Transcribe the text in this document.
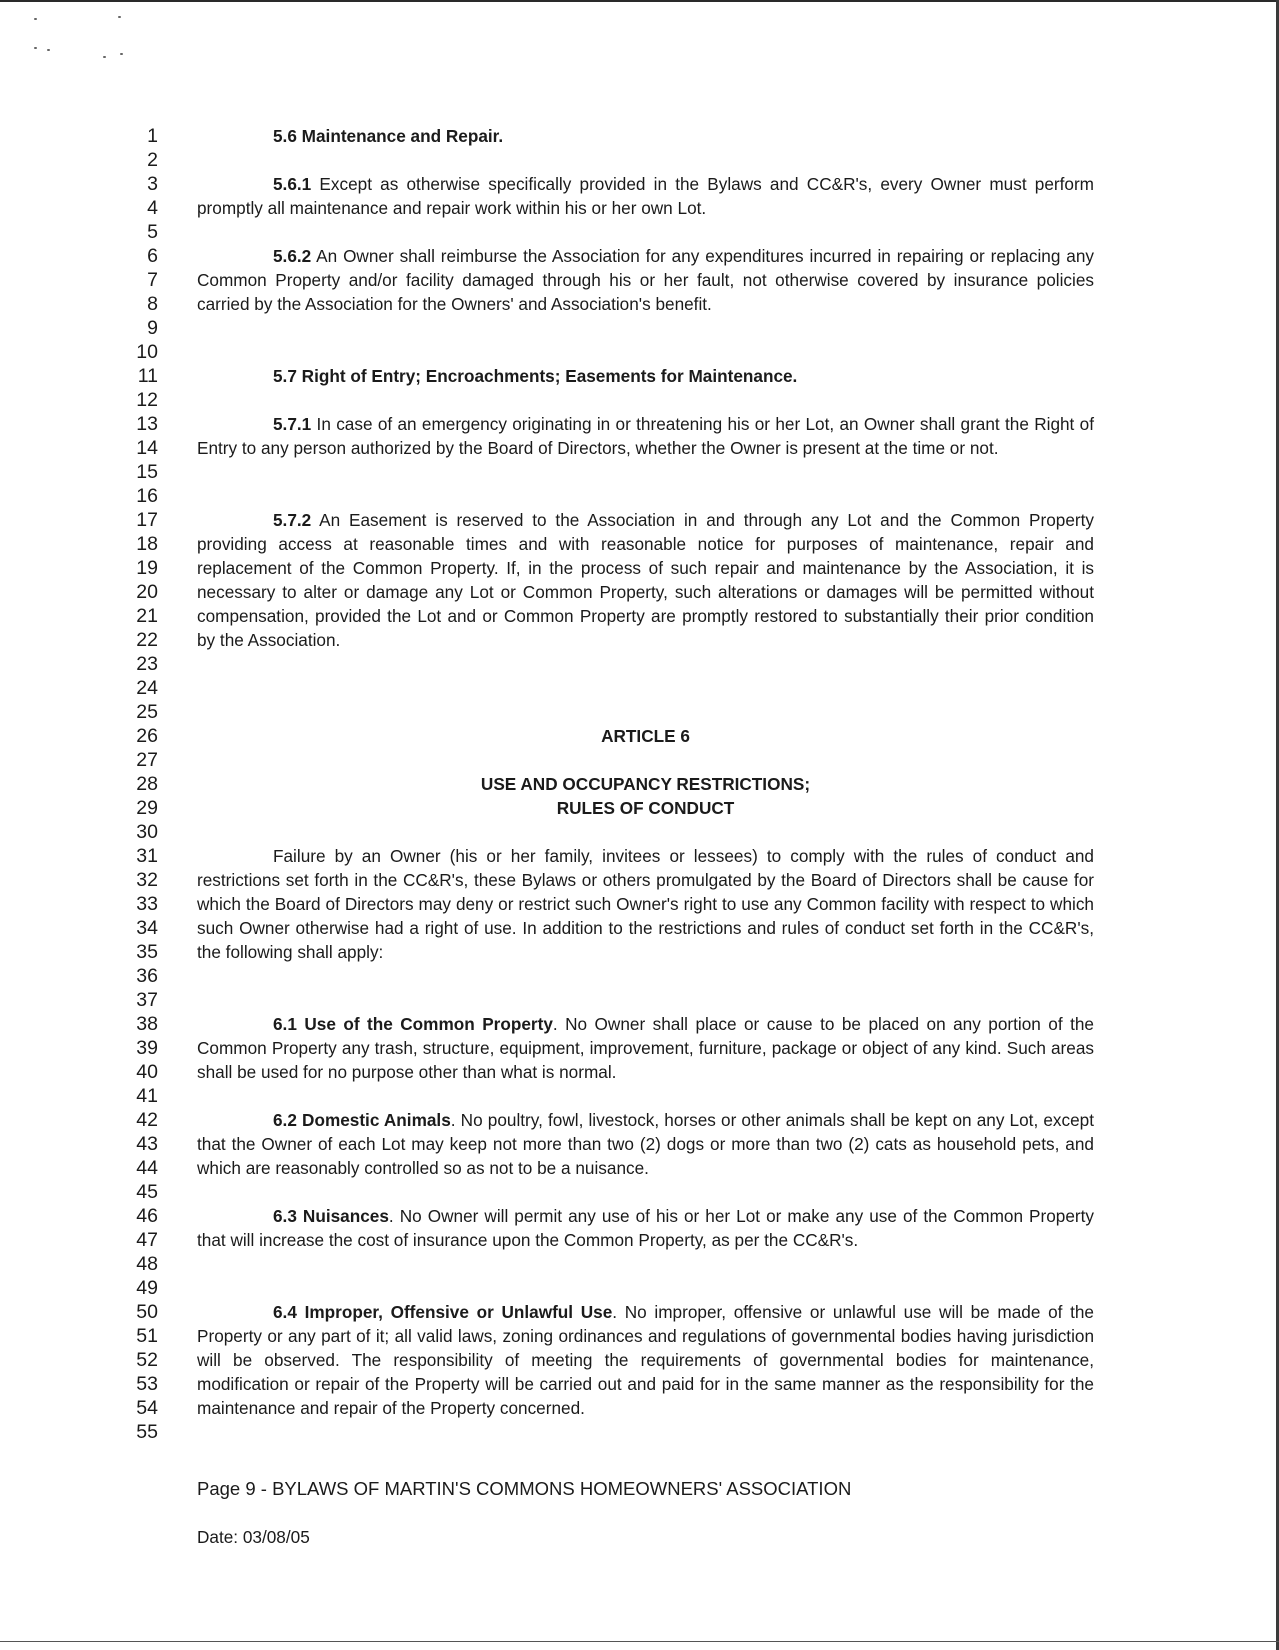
1
2
3
4
5
6
7
8
9
10
11
12
13
14
15
16
17
18
19
20
21
22
23
24
25
26
27
28
29
30
31
32
33
34
35
36
37
38
39
40
41
42
43
44
45
46
47
48
49
50
51
52
53
54
55
5.6 Maintenance and Repair.

5.6.1 Except as otherwise specifically provided in the Bylaws and CC&R's, every Owner must perform promptly all maintenance and repair work within his or her own Lot.

5.6.2 An Owner shall reimburse the Association for any expenditures incurred in repairing or replacing any Common Property and/or facility damaged through his or her fault, not otherwise covered by insurance policies carried by the Association for the Owners' and Association's benefit.

5.7 Right of Entry; Encroachments; Easements for Maintenance.

5.7.1 In case of an emergency originating in or threatening his or her Lot, an Owner shall grant the Right of Entry to any person authorized by the Board of Directors, whether the Owner is present at the time or not.

5.7.2 An Easement is reserved to the Association in and through any Lot and the Common Property providing access at reasonable times and with reasonable notice for purposes of maintenance, repair and replacement of the Common Property. If, in the process of such repair and maintenance by the Association, it is necessary to alter or damage any Lot or Common Property, such alterations or damages will be permitted without compensation, provided the Lot and or Common Property are promptly restored to substantially their prior condition by the Association.

ARTICLE 6
USE AND OCCUPANCY RESTRICTIONS;
RULES OF CONDUCT

Failure by an Owner (his or her family, invitees or lessees) to comply with the rules of conduct and restrictions set forth in the CC&R's, these Bylaws or others promulgated by the Board of Directors shall be cause for which the Board of Directors may deny or restrict such Owner's right to use any Common facility with respect to which such Owner otherwise had a right of use. In addition to the restrictions and rules of conduct set forth in the CC&R's, the following shall apply:

6.1 Use of the Common Property. No Owner shall place or cause to be placed on any portion of the Common Property any trash, structure, equipment, improvement, furniture, package or object of any kind. Such areas shall be used for no purpose other than what is normal.

6.2 Domestic Animals. No poultry, fowl, livestock, horses or other animals shall be kept on any Lot, except that the Owner of each Lot may keep not more than two (2) dogs or more than two (2) cats as household pets, and which are reasonably controlled so as not to be a nuisance.

6.3 Nuisances. No Owner will permit any use of his or her Lot or make any use of the Common Property that will increase the cost of insurance upon the Common Property, as per the CC&R's.

6.4 Improper, Offensive or Unlawful Use. No improper, offensive or unlawful use will be made of the Property or any part of it; all valid laws, zoning ordinances and regulations of governmental bodies having jurisdiction will be observed. The responsibility of meeting the requirements of governmental bodies for maintenance, modification or repair of the Property will be carried out and paid for in the same manner as the responsibility for the maintenance and repair of the Property concerned.

Page 9 - BYLAWS OF MARTIN'S COMMONS HOMEOWNERS' ASSOCIATION
Date: 03/08/05
